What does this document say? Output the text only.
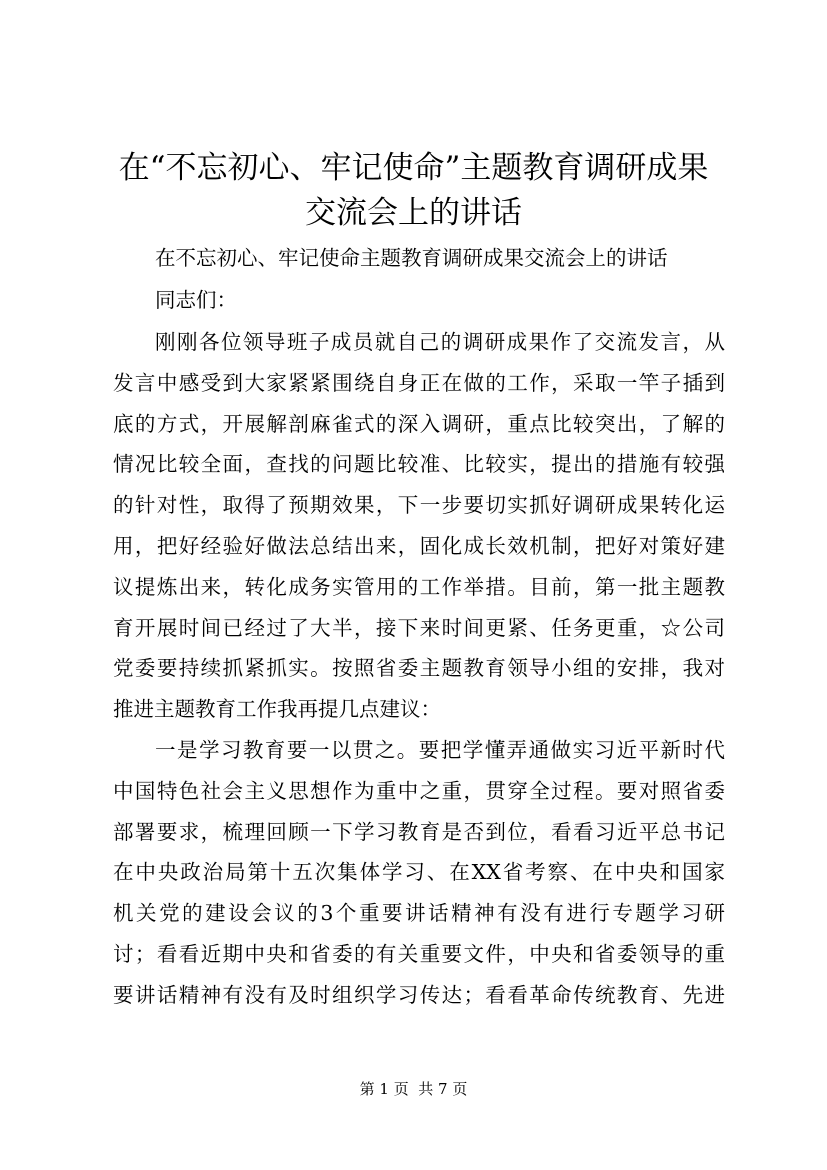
在“不忘初心、牢记使命”主题教育调研成果
交流会上的讲话
在不忘初心、牢记使命主题教育调研成果交流会上的讲话
同志们：
刚刚各位领导班子成员就自己的调研成果作了交流发言，从
发言中感受到大家紧紧围绕自身正在做的工作，采取一竿子插到
底的方式，开展解剖麻雀式的深入调研，重点比较突出，了解的
情况比较全面，查找的问题比较准、比较实，提出的措施有较强
的针对性，取得了预期效果，下一步要切实抓好调研成果转化运
用，把好经验好做法总结出来，固化成长效机制，把好对策好建
议提炼出来，转化成务实管用的工作举措。目前，第一批主题教
育开展时间已经过了大半，接下来时间更紧、任务更重，☆公司
党委要持续抓紧抓实。按照省委主题教育领导小组的安排，我对
推进主题教育工作我再提几点建议：
一是学习教育要一以贯之。要把学懂弄通做实习近平新时代
中国特色社会主义思想作为重中之重，贯穿全过程。要对照省委
部署要求，梳理回顾一下学习教育是否到位，看看习近平总书记
在中央政治局第十五次集体学习、在XX省考察、在中央和国家
机关党的建设会议的3个重要讲话精神有没有进行专题学习研
讨；看看近期中央和省委的有关重要文件，中央和省委领导的重
要讲话精神有没有及时组织学习传达；看看革命传统教育、先进
第 1 页  共 7 页
